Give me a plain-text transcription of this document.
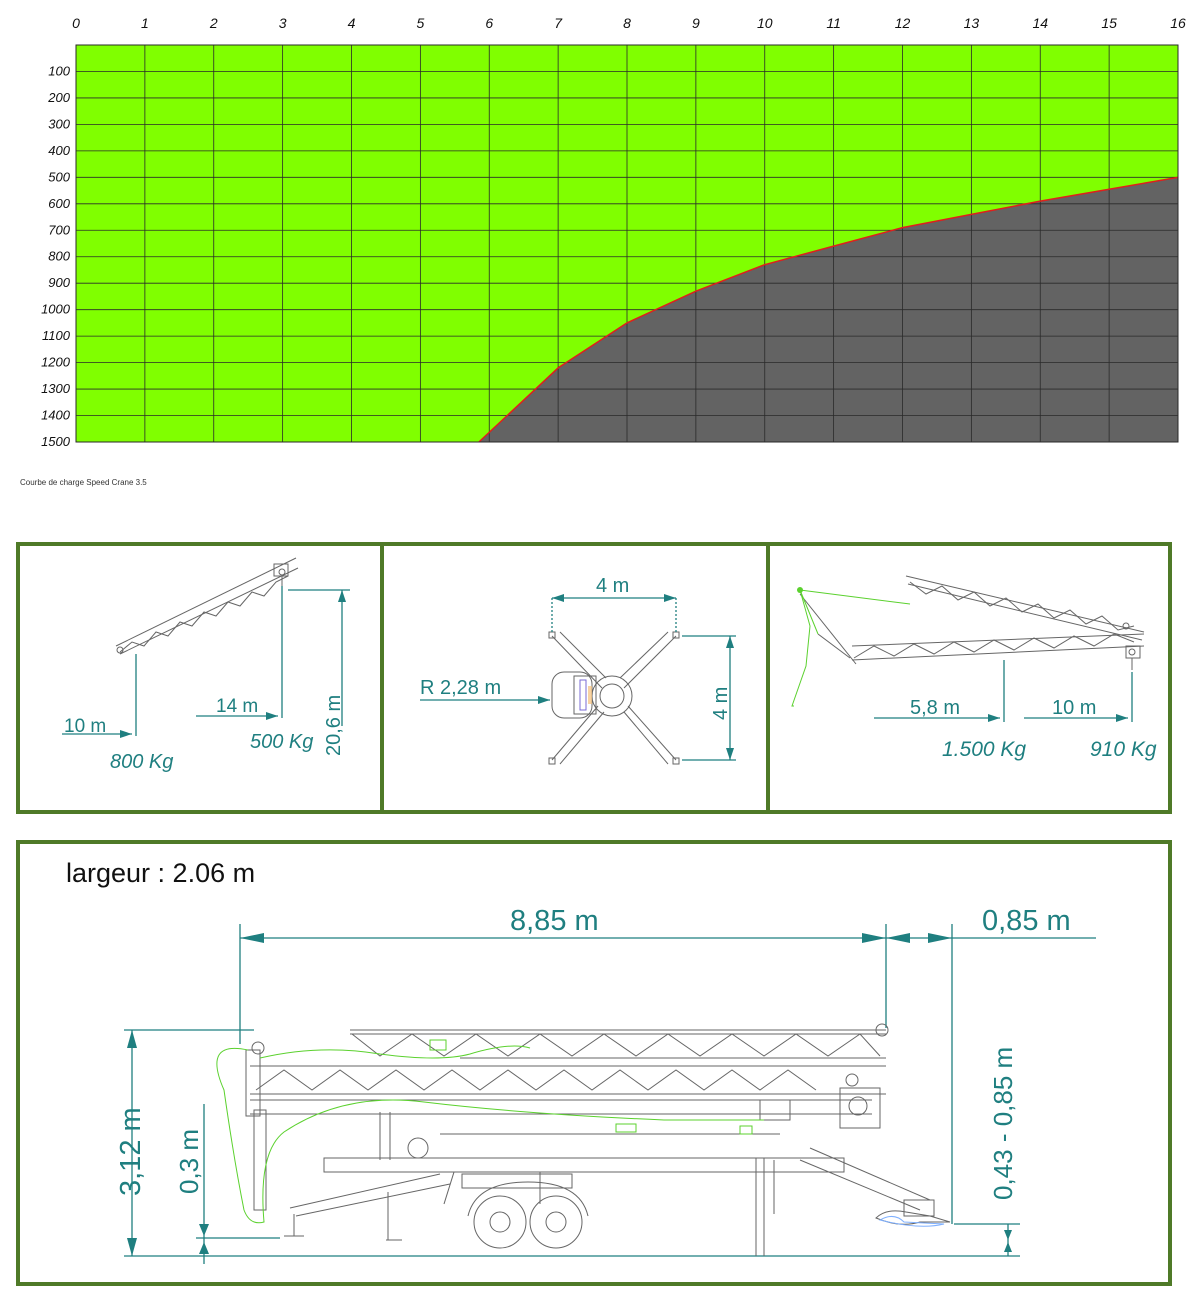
0	1	2	3	4	5	6	7	8	9	10	11	12	13	14	15	16
100
200
300
400
500
600
700
800
900
1000
1100
1200
1300
1400
1500
Courbe de charge Speed Crane 3.5
10 m
14 m
800 Kg
500 Kg 20,6 m
4 m
4 m
R 2,28 m
5,8 m	10 m
1.500 Kg	910 Kg
largeur : 2.06 m
8,85 m	0,85 m
3,12 m 0,3 m	0,43 - 0,85 m
